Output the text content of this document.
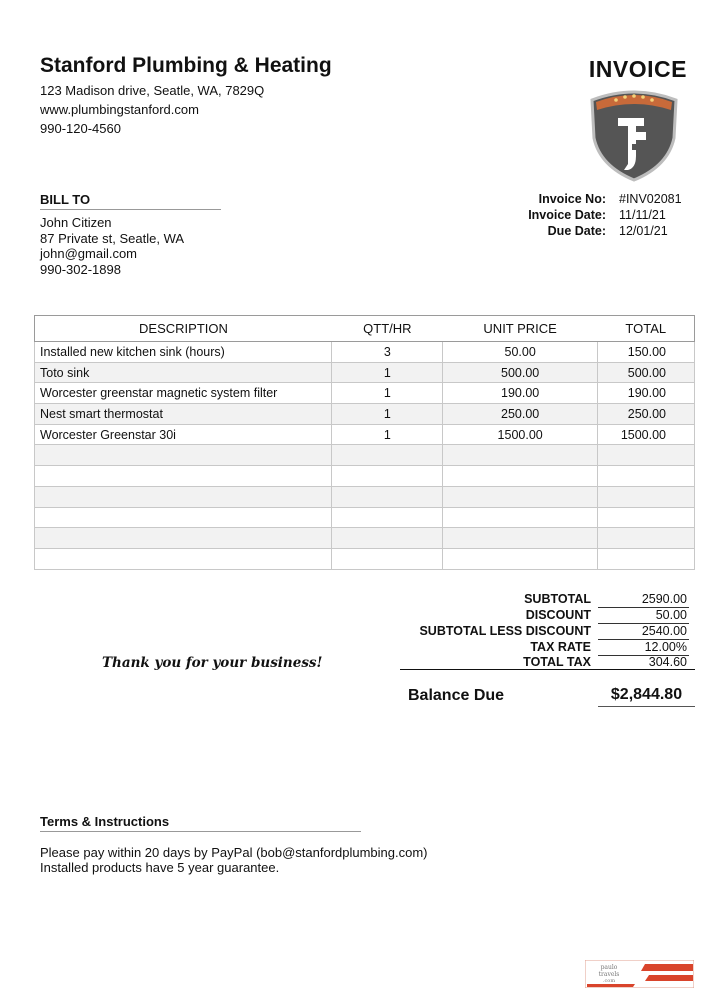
Stanford Plumbing & Heating
123 Madison drive, Seatle, WA, 7829Q
www.plumbingstanford.com
990-120-4560
INVOICE
BILL TO
John Citizen
87 Private st, Seatle, WA
john@gmail.com
990-302-1898
Invoice No: #INV02081
Invoice Date: 11/11/21
Due Date: 12/01/21
DESCRIPTION	QTT/HR	UNIT PRICE	TOTAL
Installed new kitchen sink (hours)	3	50.00	150.00
Toto sink	1	500.00	500.00
Worcester greenstar magnetic system filter	1	190.00	190.00
Nest smart thermostat	1	250.00	250.00
Worcester Greenstar 30i	1	1500.00	1500.00

SUBTOTAL	2590.00
DISCOUNT	50.00
SUBTOTAL LESS DISCOUNT	2540.00
TAX RATE	12.00%
TOTAL TAX	304.60
Thank you for your business!
Balance Due	$2,844.80
Terms & Instructions
Please pay within 20 days by PayPal (bob@stanfordplumbing.com)
Installed products have 5 year guarantee.
paulo
travels
.com
